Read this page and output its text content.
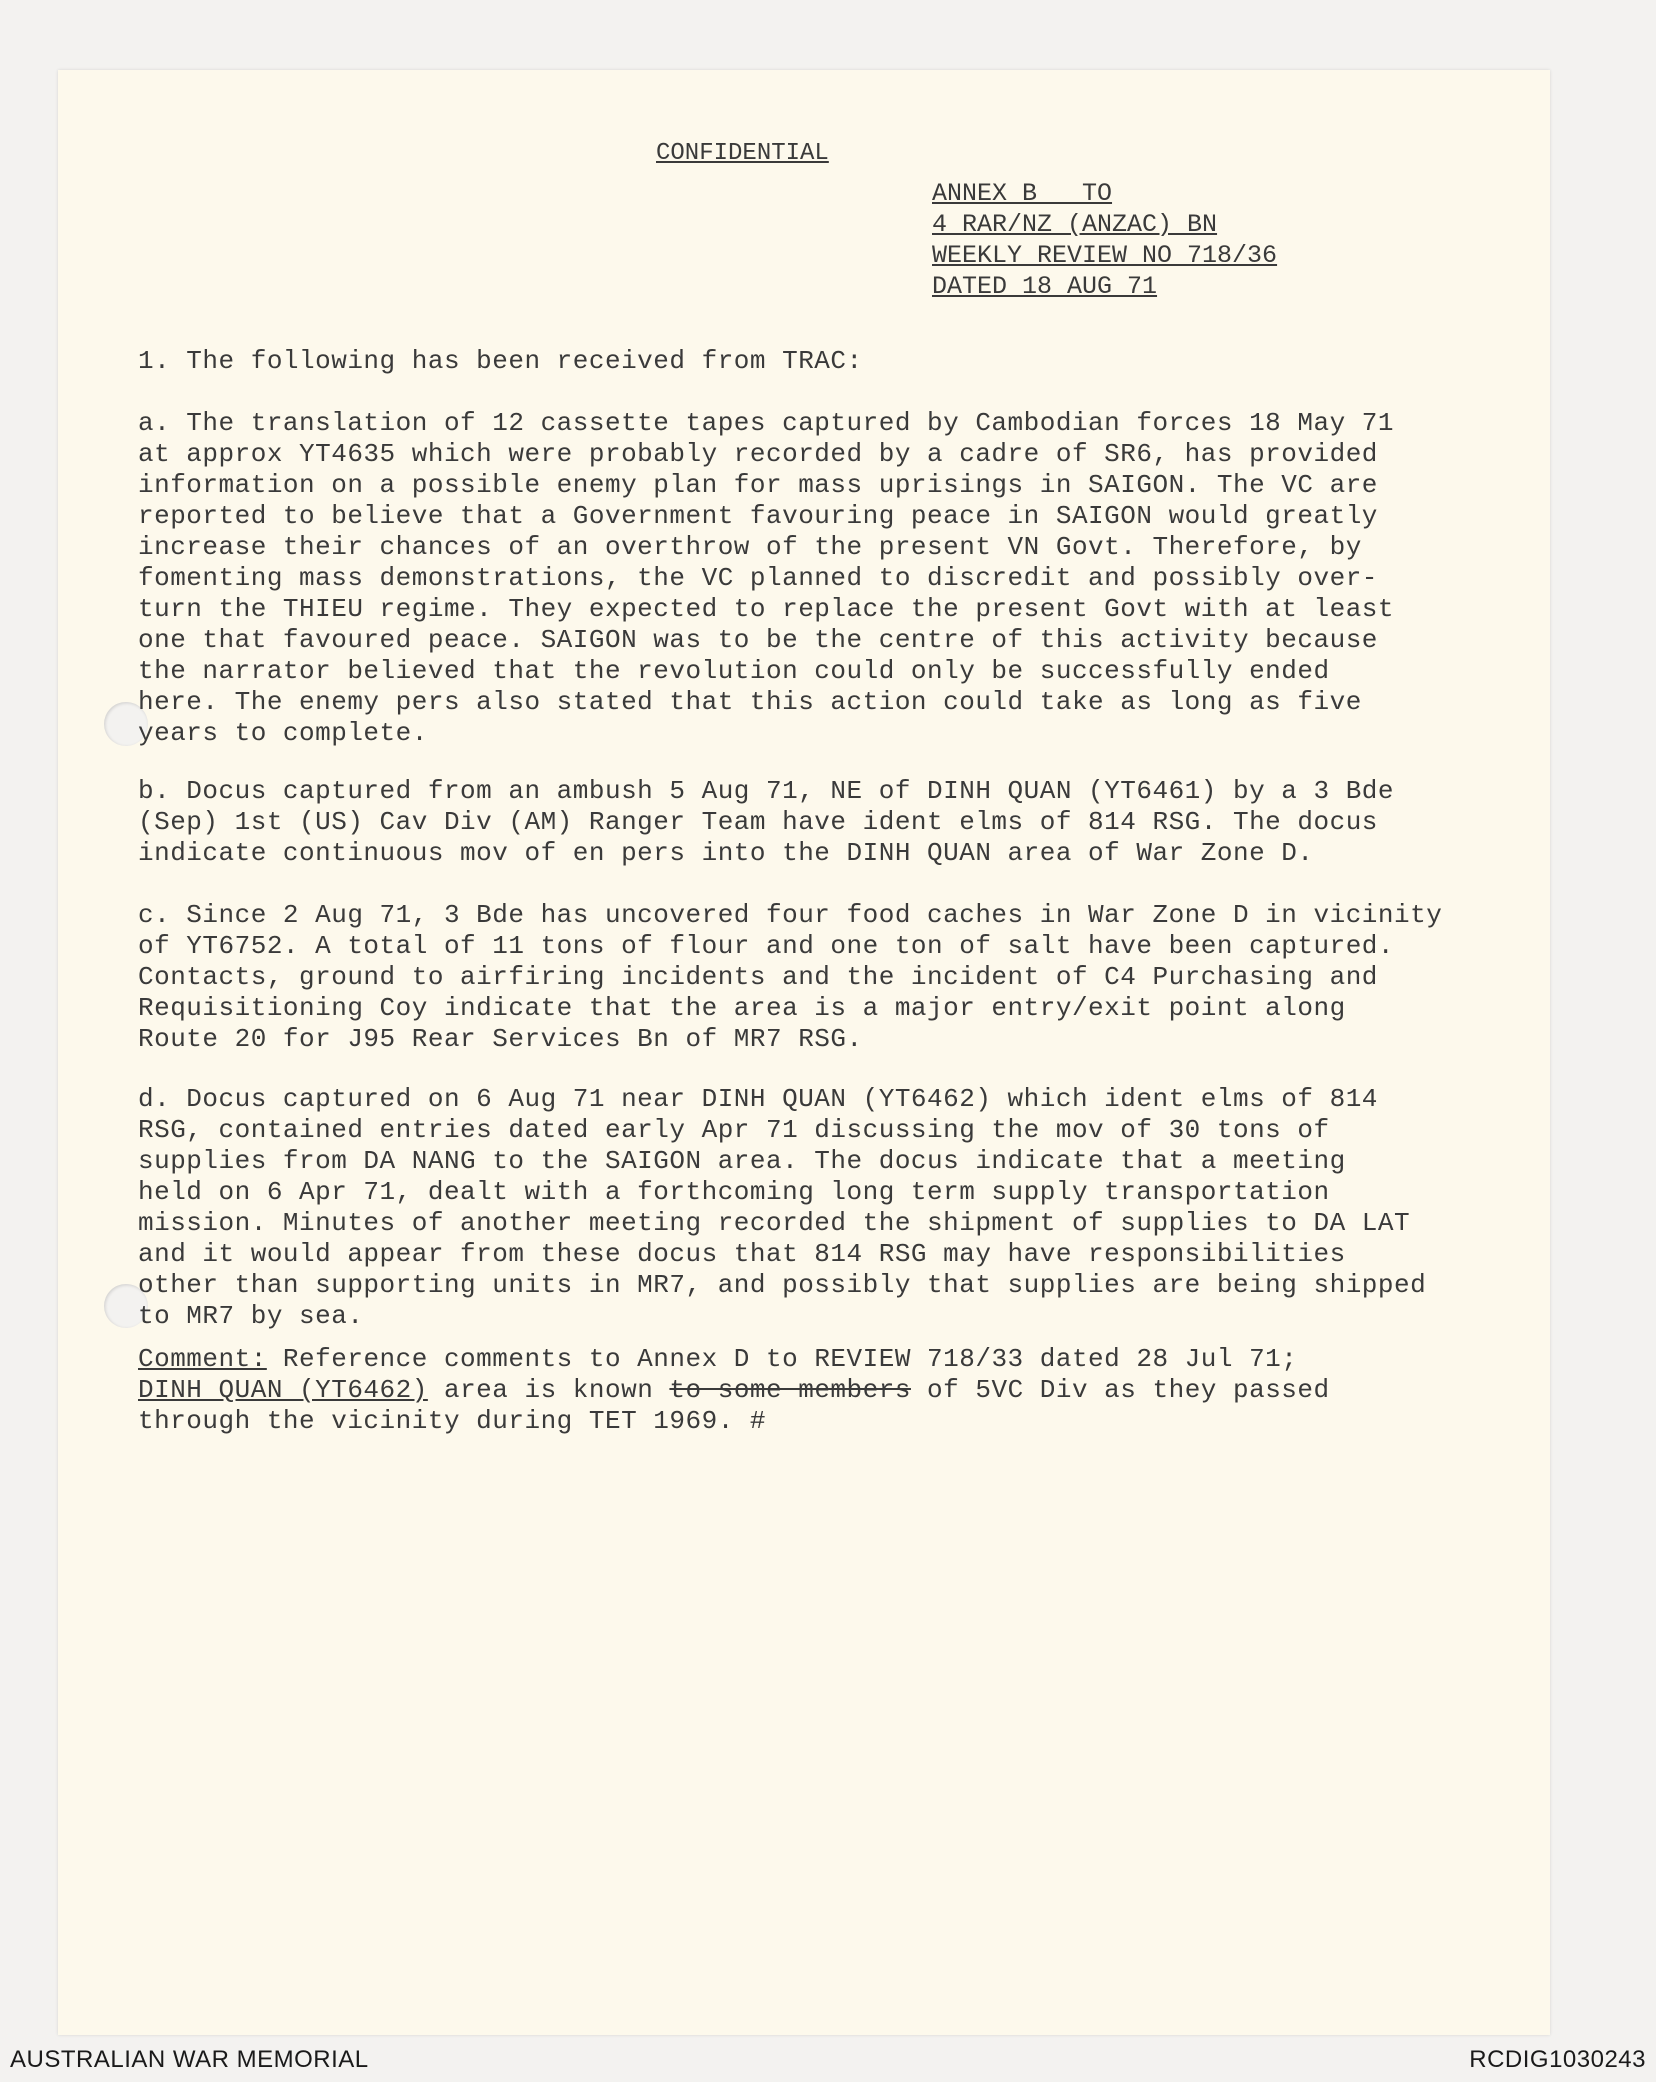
CONFIDENTIAL
ANNEX B   TO
4 RAR/NZ (ANZAC) BN
WEEKLY REVIEW NO 718/36
DATED 18 AUG 71
1. The following has been received from TRAC:
a. The translation of 12 cassette tapes captured by Cambodian forces 18 May 71
at approx YT4635 which were probably recorded by a cadre of SR6, has provided
information on a possible enemy plan for mass uprisings in SAIGON. The VC are
reported to believe that a Government favouring peace in SAIGON would greatly
increase their chances of an overthrow of the present VN Govt. Therefore, by
fomenting mass demonstrations, the VC planned to discredit and possibly over-
turn the THIEU regime. They expected to replace the present Govt with at least
one that favoured peace. SAIGON was to be the centre of this activity because
the narrator believed that the revolution could only be successfully ended
here. The enemy pers also stated that this action could take as long as five
years to complete.
b. Docus captured from an ambush 5 Aug 71, NE of DINH QUAN (YT6461) by a 3 Bde
(Sep) 1st (US) Cav Div (AM) Ranger Team have ident elms of 814 RSG. The docus
indicate continuous mov of en pers into the DINH QUAN area of War Zone D.
c. Since 2 Aug 71, 3 Bde has uncovered four food caches in War Zone D in vicinity
of YT6752. A total of 11 tons of flour and one ton of salt have been captured.
Contacts, ground to airfiring incidents and the incident of C4 Purchasing and
Requisitioning Coy indicate that the area is a major entry/exit point along
Route 20 for J95 Rear Services Bn of MR7 RSG.
d. Docus captured on 6 Aug 71 near DINH QUAN (YT6462) which ident elms of 814
RSG, contained entries dated early Apr 71 discussing the mov of 30 tons of
supplies from DA NANG to the SAIGON area. The docus indicate that a meeting
held on 6 Apr 71, dealt with a forthcoming long term supply transportation
mission. Minutes of another meeting recorded the shipment of supplies to DA LAT
and it would appear from these docus that 814 RSG may have responsibilities
other than supporting units in MR7, and possibly that supplies are being shipped
to MR7 by sea.
Comment: Reference comments to Annex D to REVIEW 718/33 dated 28 Jul 71;
DINH QUAN (YT6462) area is known to some members of 5VC Div as they passed
through the vicinity during TET 1969. #
AUSTRALIAN WAR MEMORIAL	RCDIG1030243
